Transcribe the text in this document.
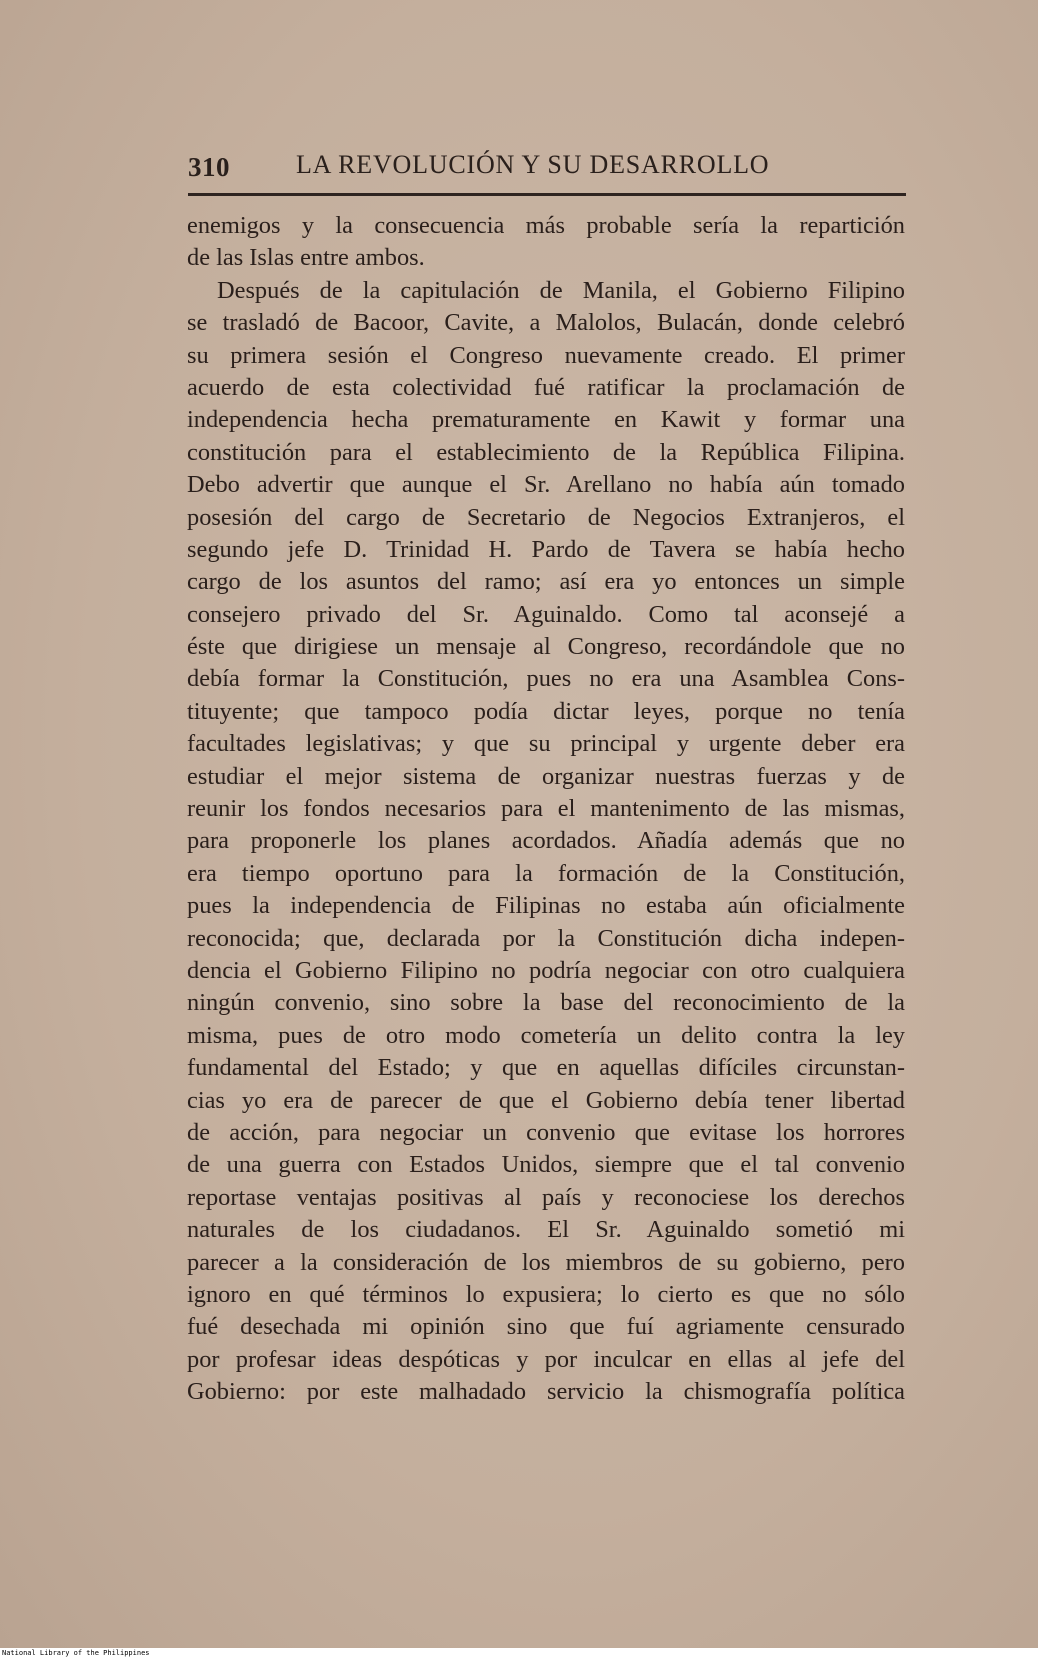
310	LA REVOLUCIÓN Y SU DESARROLLO
enemigos y la consecuencia más probable sería la repartición
de las Islas entre ambos.
Después de la capitulación de Manila, el Gobierno Filipino
se trasladó de Bacoor, Cavite, a Malolos, Bulacán, donde celebró
su primera sesión el Congreso nuevamente creado. El primer
acuerdo de esta colectividad fué ratificar la proclamación de
independencia hecha prematuramente en Kawit y formar una
constitución para el establecimiento de la República Filipina.
Debo advertir que aunque el Sr. Arellano no había aún tomado
posesión del cargo de Secretario de Negocios Extranjeros, el
segundo jefe D. Trinidad H. Pardo de Tavera se había hecho
cargo de los asuntos del ramo; así era yo entonces un simple
consejero privado del Sr. Aguinaldo. Como tal aconsejé a
éste que dirigiese un mensaje al Congreso, recordándole que no
debía formar la Constitución, pues no era una Asamblea Cons-
tituyente; que tampoco podía dictar leyes, porque no tenía
facultades legislativas; y que su principal y urgente deber era
estudiar el mejor sistema de organizar nuestras fuerzas y de
reunir los fondos necesarios para el mantenimento de las mismas,
para proponerle los planes acordados. Añadía además que no
era tiempo oportuno para la formación de la Constitución,
pues la independencia de Filipinas no estaba aún oficialmente
reconocida; que, declarada por la Constitución dicha indepen-
dencia el Gobierno Filipino no podría negociar con otro cualquiera
ningún convenio, sino sobre la base del reconocimiento de la
misma, pues de otro modo cometería un delito contra la ley
fundamental del Estado; y que en aquellas difíciles circunstan-
cias yo era de parecer de que el Gobierno debía tener libertad
de acción, para negociar un convenio que evitase los horrores
de una guerra con Estados Unidos, siempre que el tal convenio
reportase ventajas positivas al país y reconociese los derechos
naturales de los ciudadanos. El Sr. Aguinaldo sometió mi
parecer a la consideración de los miembros de su gobierno, pero
ignoro en qué términos lo expusiera; lo cierto es que no sólo
fué desechada mi opinión sino que fuí agriamente censurado
por profesar ideas despóticas y por inculcar en ellas al jefe del
Gobierno: por este malhadado servicio la chismografía política
National Library of the Philippines
